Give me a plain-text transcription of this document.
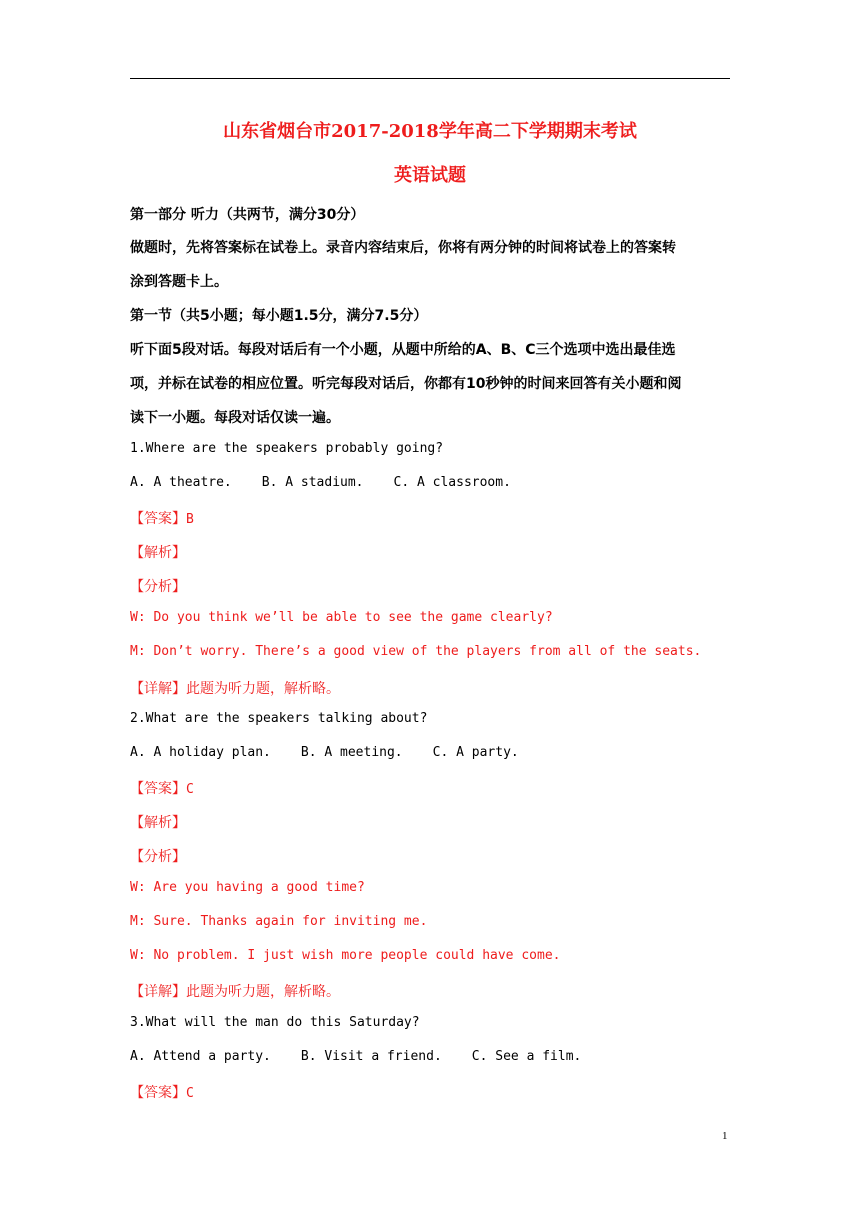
山东省烟台市2017-2018学年高二下学期期末考试
英语试题
第一部分 听力（共两节，满分30分）
做题时，先将答案标在试卷上。录音内容结束后，你将有两分钟的时间将试卷上的答案转
涂到答题卡上。
第一节（共5小题；每小题1.5分，满分7.5分）
听下面5段对话。每段对话后有一个小题，从题中所给的A、B、C三个选项中选出最佳选
项，并标在试卷的相应位置。听完每段对话后，你都有10秒钟的时间来回答有关小题和阅
读下一小题。每段对话仅读一遍。
1.Where are the speakers probably going?
A. A theatre. B. A stadium. C. A classroom.
【答案】B
【解析】
【分析】
W: Do you think we’ll be able to see the game clearly?
M: Don’t worry. There’s a good view of the players from all of the seats.
【详解】此题为听力题，解析略。
2.What are the speakers talking about?
A. A holiday plan. B. A meeting. C. A party.
【答案】C
【解析】
【分析】
W: Are you having a good time?
M: Sure. Thanks again for inviting me.
W: No problem. I just wish more people could have come.
【详解】此题为听力题，解析略。
3.What will the man do this Saturday?
A. Attend a party. B. Visit a friend. C. See a film.
【答案】C
1
